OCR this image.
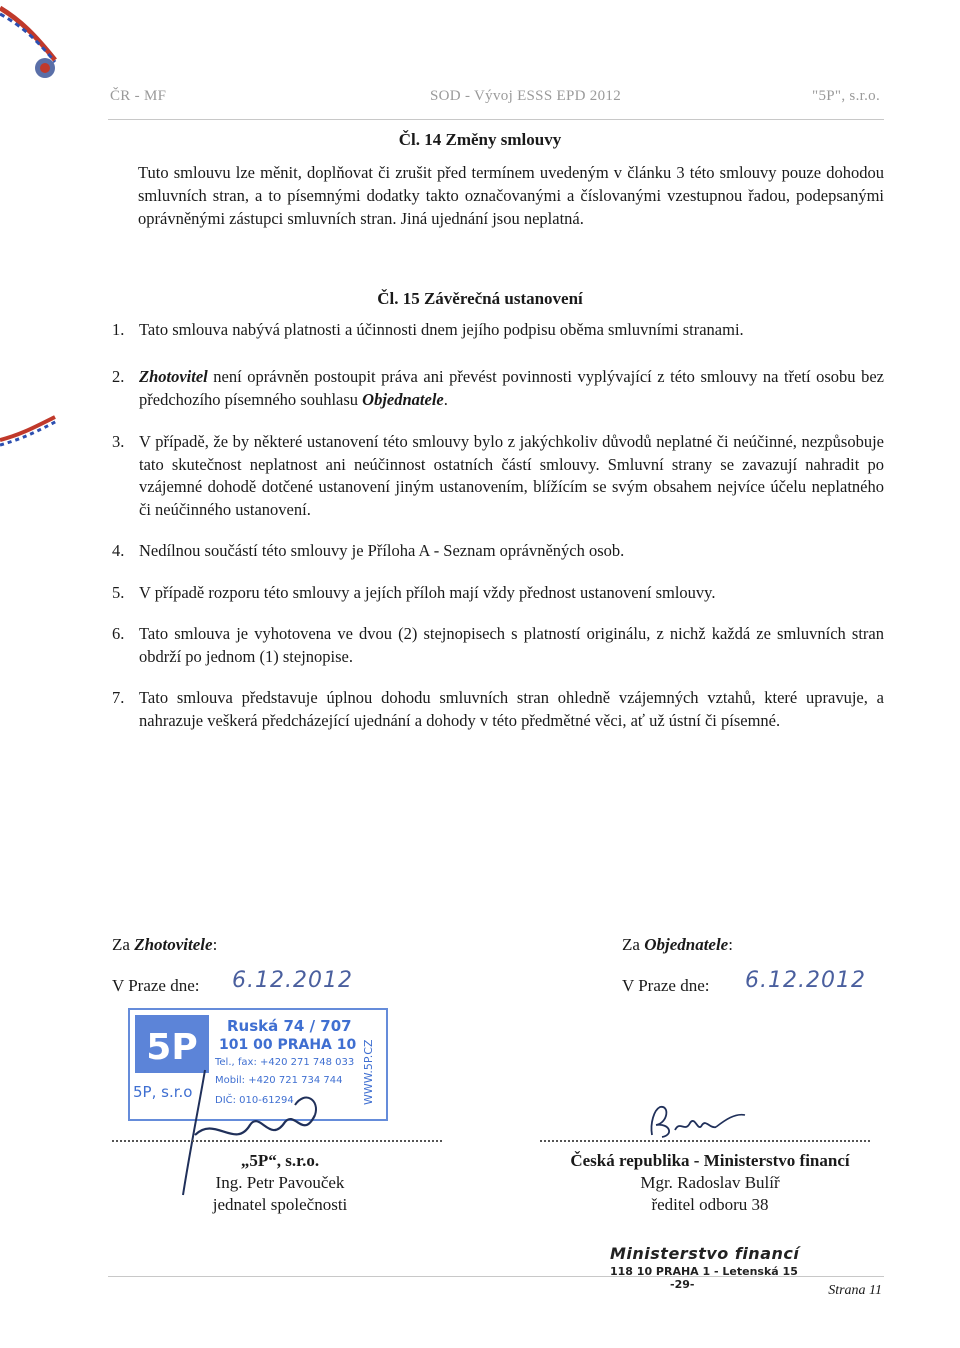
ČR - MF	SOD - Vývoj ESSS EPD 2012	"5P", s.r.o.
Čl. 14 Změny smlouvy
Tuto smlouvu lze měnit, doplňovat či zrušit před termínem uvedeným v článku 3 této smlouvy pouze dohodou smluvních stran, a to písemnými dodatky takto označovanými a číslovanými vzestupnou řadou, podepsanými oprávněnými zástupci smluvních stran. Jiná ujednání jsou neplatná.
Čl. 15 Závěrečná ustanovení
1. Tato smlouva nabývá platnosti a účinnosti dnem jejího podpisu oběma smluvními stranami.
2. Zhotovitel není oprávněn postoupit práva ani převést povinnosti vyplývající z této smlouvy na třetí osobu bez předchozího písemného souhlasu Objednatele.
3. V případě, že by některé ustanovení této smlouvy bylo z jakýchkoliv důvodů neplatné či neúčinné, nezpůsobuje tato skutečnost neplatnost ani neúčinnost ostatních částí smlouvy. Smluvní strany se zavazují nahradit po vzájemné dohodě dotčené ustanovení jiným ustanovením, blížícím se svým obsahem nejvíce účelu neplatného či neúčinného ustanovení.
4. Nedílnou součástí této smlouvy je Příloha A - Seznam oprávněných osob.
5. V případě rozporu této smlouvy a jejích příloh mají vždy přednost ustanovení smlouvy.
6. Tato smlouva je vyhotovena ve dvou (2) stejnopisech s platností originálu, z nichž každá ze smluvních stran obdrží po jednom (1) stejnopise.
7. Tato smlouva představuje úplnou dohodu smluvních stran ohledně vzájemných vztahů, které upravuje, a nahrazuje veškerá předcházející ujednání a dohody v této předmětné věci, ať už ústní či písemné.
Za Zhotovitele:	Za Objednatele:
V Praze dne: 6.12.2012	V Praze dne: 6.12.2012
5P
5P, s.r.o
Ruská 74 / 707
101 00 PRAHA 10
Tel., fax: +420 271 748 033
Mobil: +420 721 734 744
DIČ: 010-61294	WWW.5P.CZ
„5P“, s.r.o.
Ing. Petr Pavouček
jednatel společnosti
Česká republika - Ministerstvo financí
Mgr. Radoslav Bulíř
ředitel odboru 38
Ministerstvo financí
118 10 PRAHA 1 - Letenská 15
-29-	Strana 11
